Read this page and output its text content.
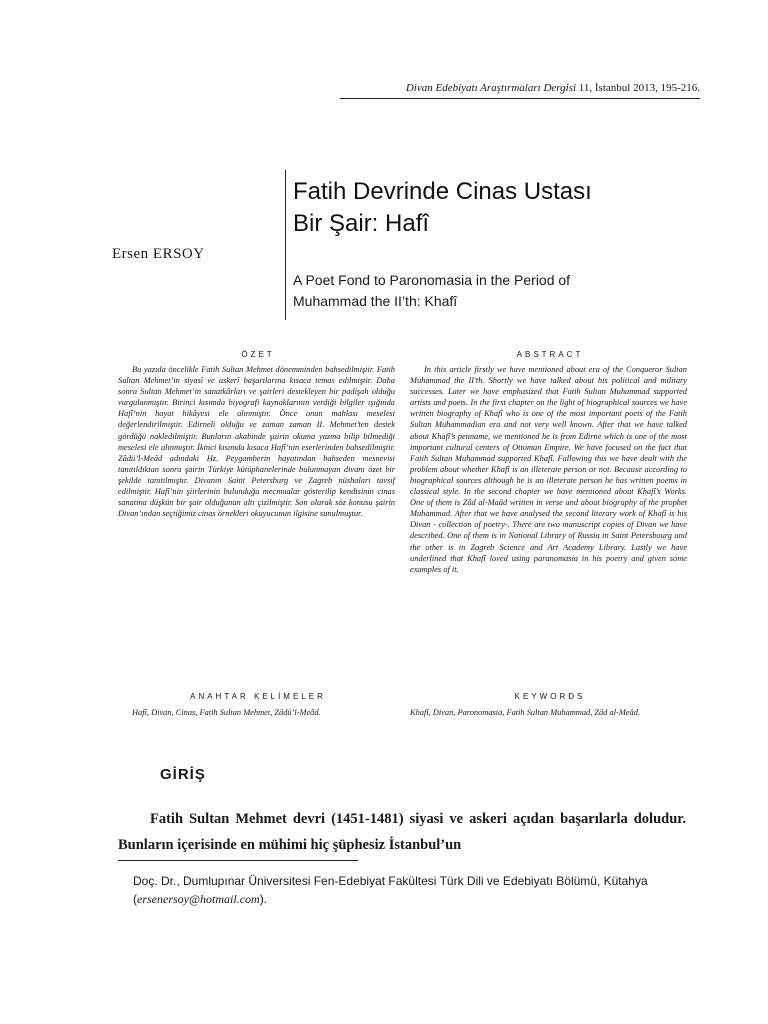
Divan Edebiyatı Araştırmaları Dergisi 11, İstanbul 2013, 195-216.
Ersen ERSOY
Fatih Devrinde Cinas Ustası
Bir Şair: Hafî
A Poet Fond to Paronomasia in the Period of
Muhammad the II’th: Khafî
ÖZET	ABSTRACT

Bu yazıda öncelikle Fatih Sultan Mehmet dönemminden bahsedilmiştir. Fatih Sultan Mehmet’in siyasî ve askerî başarılarına kısaca temas edilmiştir. Daha sonra Sultan Mehmet’in sanatkârları ve şairleri destekleyen bir padişah olduğu vurgulanmıştır. Birinci kısımda biyografi kaynaklarının verdiği bilgiler ışığında Hafî’nin hayat hikâyesi ele alınmıştır. Önce onun mahlası meselesi değerlendirilmiştir. Edirneli olduğu ve zaman zaman II. Mehmet’ten destek gördüğü nakledilmiştir. Bunların akabinde şairin okuma yazma bilip bilmediği meselesi ele alınmıştır. İkinci kısımda kısaca Hafî’nin eserlerinden bahsedilmiştir. Zâdü’l-Meâd adındaki Hz. Peygamberin hayatından bahseden mesnevisi tanıtıldıktan sonra şairin Türkiye kütüphanelerinde bulunmayan divanı özet bir şekilde tanıtılmıştır. Divanın Saint Petersburg ve Zagreb nüshaları tavsif edilmiştir. Hafî’nin şiirlerinin bulunduğu mecmualar gösterilip kendisinin cinas sanatına düşkün bir şair olduğunun altı çizilmiştir. Son olarak söz konusu şairin Divan’ından seçtiğimiz cinas örnekleri okuyucunun ilgisine sunulmuştur.

In this article firstly we have mentioned about era of the Conqueror Sultan Muhammad the II’th. Shortly we have talked about his political and military successes. Later we have emphasized that Fatih Sultan Muhammad supported artists and poets. In the first chapter on the light of biographical sources we have written biography of Khafî who is one of the most important poets of the Fatih Sultan Muhammadian era and not very well known. After that we have talked about Khafî’s penname, we mentioned he is from Edirne which is one of the most important cultural centers of Ottoman Empire. We have focused on the fact that Fatih Sultan Muhammad supported Khafî. Fallowing this we have dealt with the problem about whether Khafî is an illeterate person or not. Because according to biographical sources although he is an illeterate person he has written poems in classical style. In the second chapter we have mentioned about Khafî’s Works. One of them is Zâd al-Maâd written in verse and about biography of the prophet Muhammad. After that we have analysed the second literary work of Khafî is his Divan - collection of poetry-. There are two manuscript copies of Divan we have described. One of them is in National Library of Russia in Saint Petersbourg and the other is in Zagreb Science and Art Academy Library. Lastly we have underlined that Khafî loved using paranomasia in his poetry and given some examples of it.

ANAHTAR KELİMELER	KEYWORDS

Hafî, Divan, Cinas, Fatih Sultan Mehmet, Zâdü’l-Meâd.	Khafî, Divan, Paronomasia, Fatih Sultan Muhammad, Zâd al-Meâd.

GİRİŞ

Fatih Sultan Mehmet devri (1451-1481) siyasi ve askeri açıdan başarılarla doludur. Bunların içerisinde en mühimi hiç şüphesiz İstanbul’un

Doç. Dr., Dumlupınar Üniversitesi Fen-Edebiyat Fakültesi Türk Dili ve Edebiyatı Bölümü, Kütahya (ersenersoy@hotmail.com).
